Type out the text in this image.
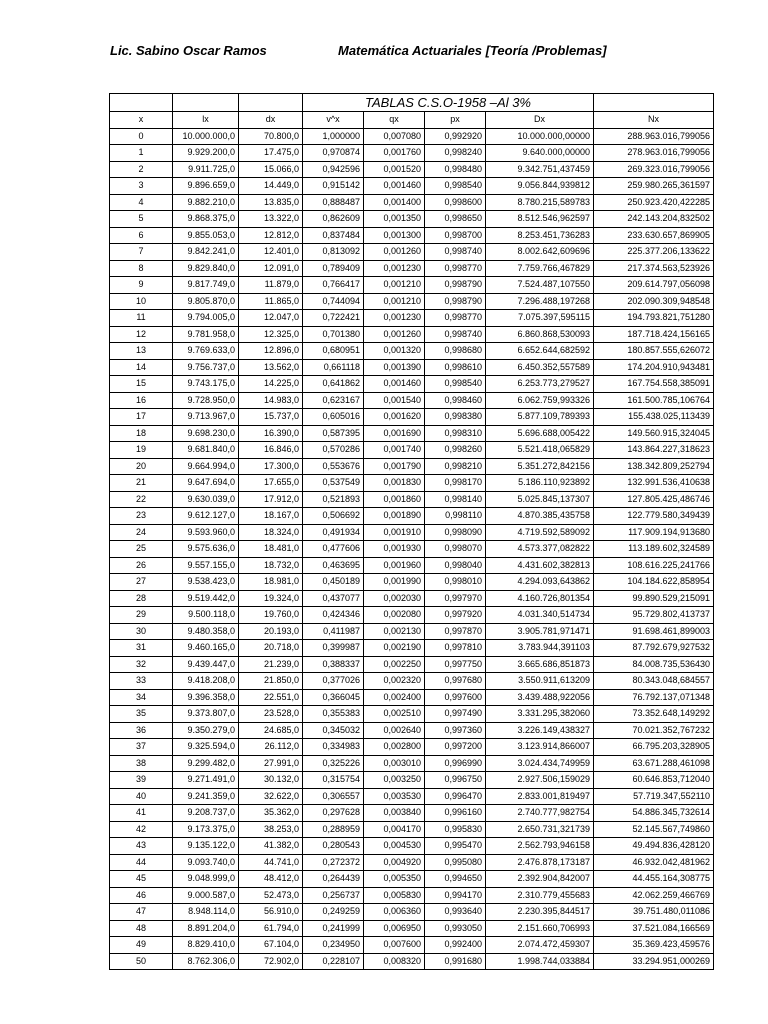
Lic. Sabino Oscar Ramos	Matemática Actuariales [Teoría /Problemas]
			TABLAS C.S.O-1958 –Al 3%				
x	lx	dx	v^x	qx	px	Dx	Nx
0	10.000.000,0	70.800,0	1,000000	0,007080	0,992920	10.000.000,00000	288.963.016,799056
1	9.929.200,0	17.475,0	0,970874	0,001760	0,998240	9.640.000,00000	278.963.016,799056
2	9.911.725,0	15.066,0	0,942596	0,001520	0,998480	9.342.751,437459	269.323.016,799056
3	9.896.659,0	14.449,0	0,915142	0,001460	0,998540	9.056.844,939812	259.980.265,361597
4	9.882.210,0	13.835,0	0,888487	0,001400	0,998600	8.780.215,589783	250.923.420,422285
5	9.868.375,0	13.322,0	0,862609	0,001350	0,998650	8.512.546,962597	242.143.204,832502
6	9.855.053,0	12.812,0	0,837484	0,001300	0,998700	8.253.451,736283	233.630.657,869905
7	9.842.241,0	12.401,0	0,813092	0,001260	0,998740	8.002.642,609696	225.377.206,133622
8	9.829.840,0	12.091,0	0,789409	0,001230	0,998770	7.759.766,467829	217.374.563,523926
9	9.817.749,0	11.879,0	0,766417	0,001210	0,998790	7.524.487,107550	209.614.797,056098
10	9.805.870,0	11.865,0	0,744094	0,001210	0,998790	7.296.488,197268	202.090.309,948548
11	9.794.005,0	12.047,0	0,722421	0,001230	0,998770	7.075.397,595115	194.793.821,751280
12	9.781.958,0	12.325,0	0,701380	0,001260	0,998740	6.860.868,530093	187.718.424,156165
13	9.769.633,0	12.896,0	0,680951	0,001320	0,998680	6.652.644,682592	180.857.555,626072
14	9.756.737,0	13.562,0	0,661118	0,001390	0,998610	6.450.352,557589	174.204.910,943481
15	9.743.175,0	14.225,0	0,641862	0,001460	0,998540	6.253.773,279527	167.754.558,385091
16	9.728.950,0	14.983,0	0,623167	0,001540	0,998460	6.062.759,993326	161.500.785,106764
17	9.713.967,0	15.737,0	0,605016	0,001620	0,998380	5.877.109,789393	155.438.025,113439
18	9.698.230,0	16.390,0	0,587395	0,001690	0,998310	5.696.688,005422	149.560.915,324045
19	9.681.840,0	16.846,0	0,570286	0,001740	0,998260	5.521.418,065829	143.864.227,318623
20	9.664.994,0	17.300,0	0,553676	0,001790	0,998210	5.351.272,842156	138.342.809,252794
21	9.647.694,0	17.655,0	0,537549	0,001830	0,998170	5.186.110,923892	132.991.536,410638
22	9.630.039,0	17.912,0	0,521893	0,001860	0,998140	5.025.845,137307	127.805.425,486746
23	9.612.127,0	18.167,0	0,506692	0,001890	0,998110	4.870.385,435758	122.779.580,349439
24	9.593.960,0	18.324,0	0,491934	0,001910	0,998090	4.719.592,589092	117.909.194,913680
25	9.575.636,0	18.481,0	0,477606	0,001930	0,998070	4.573.377,082822	113.189.602,324589
26	9.557.155,0	18.732,0	0,463695	0,001960	0,998040	4.431.602,382813	108.616.225,241766
27	9.538.423,0	18.981,0	0,450189	0,001990	0,998010	4.294.093,643862	104.184.622,858954
28	9.519.442,0	19.324,0	0,437077	0,002030	0,997970	4.160.726,801354	99.890.529,215091
29	9.500.118,0	19.760,0	0,424346	0,002080	0,997920	4.031.340,514734	95.729.802,413737
30	9.480.358,0	20.193,0	0,411987	0,002130	0,997870	3.905.781,971471	91.698.461,899003
31	9.460.165,0	20.718,0	0,399987	0,002190	0,997810	3.783.944,391103	87.792.679,927532
32	9.439.447,0	21.239,0	0,388337	0,002250	0,997750	3.665.686,851873	84.008.735,536430
33	9.418.208,0	21.850,0	0,377026	0,002320	0,997680	3.550.911,613209	80.343.048,684557
34	9.396.358,0	22.551,0	0,366045	0,002400	0,997600	3.439.488,922056	76.792.137,071348
35	9.373.807,0	23.528,0	0,355383	0,002510	0,997490	3.331.295,382060	73.352.648,149292
36	9.350.279,0	24.685,0	0,345032	0,002640	0,997360	3.226.149,438327	70.021.352,767232
37	9.325.594,0	26.112,0	0,334983	0,002800	0,997200	3.123.914,866007	66.795.203,328905
38	9.299.482,0	27.991,0	0,325226	0,003010	0,996990	3.024.434,749959	63.671.288,461098
39	9.271.491,0	30.132,0	0,315754	0,003250	0,996750	2.927.506,159029	60.646.853,712040
40	9.241.359,0	32.622,0	0,306557	0,003530	0,996470	2.833.001,819497	57.719.347,552110
41	9.208.737,0	35.362,0	0,297628	0,003840	0,996160	2.740.777,982754	54.886.345,732614
42	9.173.375,0	38.253,0	0,288959	0,004170	0,995830	2.650.731,321739	52.145.567,749860
43	9.135.122,0	41.382,0	0,280543	0,004530	0,995470	2.562.793,946158	49.494.836,428120
44	9.093.740,0	44.741,0	0,272372	0,004920	0,995080	2.476.878,173187	46.932.042,481962
45	9.048.999,0	48.412,0	0,264439	0,005350	0,994650	2.392.904,842007	44.455.164,308775
46	9.000.587,0	52.473,0	0,256737	0,005830	0,994170	2.310.779,455683	42.062.259,466769
47	8.948.114,0	56.910,0	0,249259	0,006360	0,993640	2.230.395,844517	39.751.480,011086
48	8.891.204,0	61.794,0	0,241999	0,006950	0,993050	2.151.660,706993	37.521.084,166569
49	8.829.410,0	67.104,0	0,234950	0,007600	0,992400	2.074.472,459307	35.369.423,459576
50	8.762.306,0	72.902,0	0,228107	0,008320	0,991680	1.998.744,033884	33.294.951,000269
